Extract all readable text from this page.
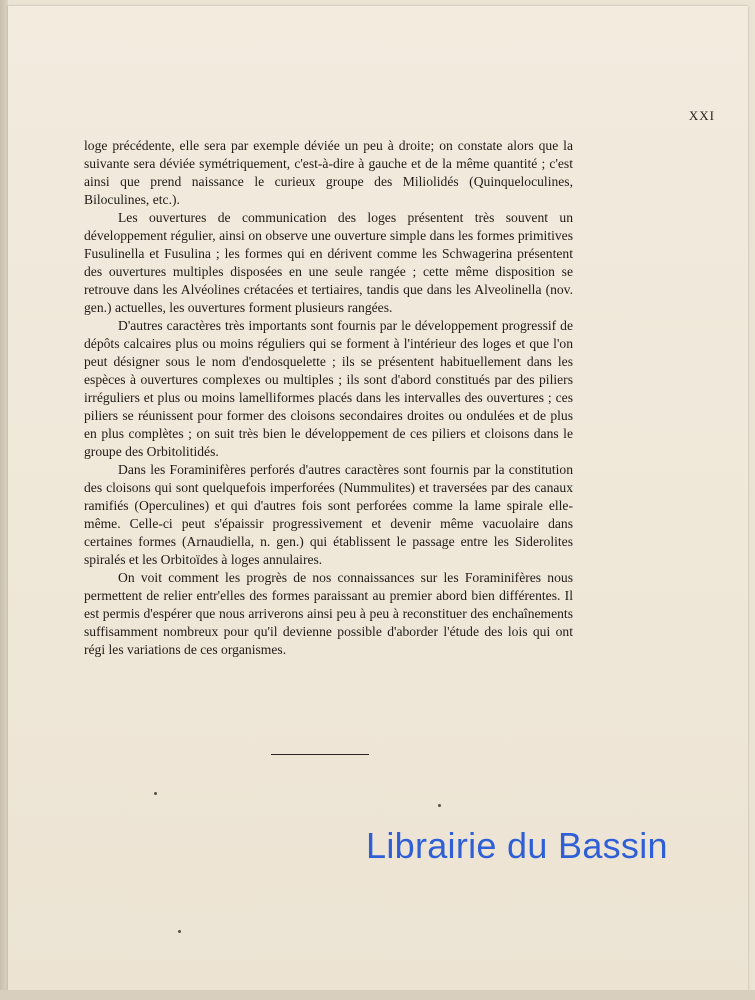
XXI

loge précédente, elle sera par exemple déviée un peu à droite; on constate alors que la suivante sera déviée symétriquement, c'est-à-dire à gauche et de la même quantité ; c'est ainsi que prend naissance le curieux groupe des Miliolidés (Quinqueloculines, Biloculines, etc.).

Les ouvertures de communication des loges présentent très souvent un développement régulier, ainsi on observe une ouverture simple dans les formes primitives Fusulinella et Fusulina ; les formes qui en dérivent comme les Schwagerina présentent des ouvertures multiples disposées en une seule rangée ; cette même disposition se retrouve dans les Alvéolines crétacées et tertiaires, tandis que dans les Alveolinella (nov. gen.) actuelles, les ouvertures forment plusieurs rangées.

D'autres caractères très importants sont fournis par le développement progressif de dépôts calcaires plus ou moins réguliers qui se forment à l'intérieur des loges et que l'on peut désigner sous le nom d'endosquelette ; ils se présentent habituellement dans les espèces à ouvertures complexes ou multiples ; ils sont d'abord constitués par des piliers irréguliers et plus ou moins lamelliformes placés dans les intervalles des ouvertures ; ces piliers se réunissent pour former des cloisons secondaires droites ou ondulées et de plus en plus complètes ; on suit très bien le développement de ces piliers et cloisons dans le groupe des Orbitolitidés.

Dans les Foraminifères perforés d'autres caractères sont fournis par la constitution des cloisons qui sont quelquefois imperforées (Nummulites) et traversées par des canaux ramifiés (Operculines) et qui d'autres fois sont perforées comme la lame spirale elle-même. Celle-ci peut s'épaissir progressivement et devenir même vacuolaire dans certaines formes (Arnaudiella, n. gen.) qui établissent le passage entre les Siderolites spiralés et les Orbitoïdes à loges annulaires.

On voit comment les progrès de nos connaissances sur les Foraminifères nous permettent de relier entr'elles des formes paraissant au premier abord bien différentes. Il est permis d'espérer que nous arriverons ainsi peu à peu à reconstituer des enchaînements suffisamment nombreux pour qu'il devienne possible d'aborder l'étude des lois qui ont régi les variations de ces organismes.

Librairie du Bassin
